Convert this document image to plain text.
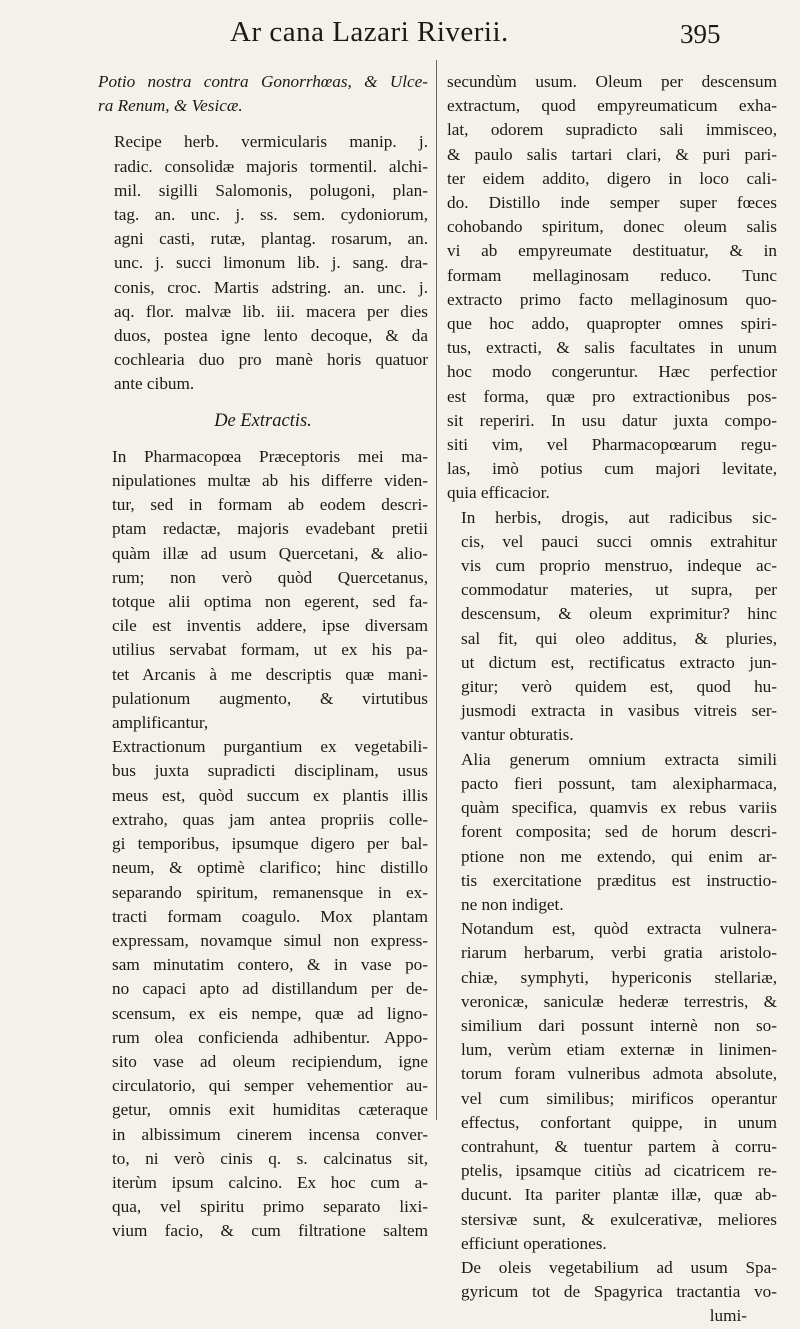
Ar cana Lazari Riverii.	395
Potio nostra contra Gonorrhœas, & Ulce-
ra Renum, & Vesicæ.
Recipe herb. vermicularis manip. j.
radic. consolidæ majoris tormentil. alchi-
mil. sigilli Salomonis, polugoni, plan-
tag. an. unc. j. ss. sem. cydoniorum,
agni casti, rutæ, plantag. rosarum, an.
unc. j. succi limonum lib. j. sang. dra-
conis, croc. Martis adstring. an. unc. j.
aq. flor. malvæ lib. iii. macera per dies
duos, postea igne lento decoque, & da
cochlearia duo pro manè horis quatuor
ante cibum.
De Extractis.
In Pharmacopœa Præceptoris mei ma-
nipulationes multæ ab his differre viden-
tur, sed in formam ab eodem descri-
ptam redactæ, majoris evadebant pretii
quàm illæ ad usum Quercetani, & alio-
rum; non verò quòd Quercetanus,
totque alii optima non egerent, sed fa-
cile est inventis addere, ipse diversam
utilius servabat formam, ut ex his pa-
tet Arcanis à me descriptis quæ mani-
pulationum augmento, & virtutibus
amplificantur,
Extractionum purgantium ex vegetabili-
bus juxta supradicti disciplinam, usus
meus est, quòd succum ex plantis illis
extraho, quas jam antea propriis colle-
gi temporibus, ipsumque digero per bal-
neum, & optimè clarifico; hinc distillo
separando spiritum, remanensque in ex-
tracti formam coagulo. Mox plantam
expressam, novamque simul non express-
sam minutatim contero, & in vase po-
no capaci apto ad distillandum per de-
scensum, ex eis nempe, quæ ad ligno-
rum olea conficienda adhibentur. Appo-
sito vase ad oleum recipiendum, igne
circulatorio, qui semper vehementior au-
getur, omnis exit humiditas cæteraque
in albissimum cinerem incensa conver-
to, ni verò cinis q. s. calcinatus sit,
iterùm ipsum calcino. Ex hoc cum a-
qua, vel spiritu primo separato lixi-
vium facio, & cum filtratione saltem
secundùm usum. Oleum per descensum
extractum, quod empyreumaticum exha-
lat, odorem supradicto sali immisceo,
& paulo salis tartari clari, & puri pari-
ter eidem addito, digero in loco cali-
do. Distillo inde semper super fœces
cohobando spiritum, donec oleum salis
vi ab empyreumate destituatur, & in
formam mellaginosam reduco. Tunc
extracto primo facto mellaginosum quo-
que hoc addo, quapropter omnes spiri-
tus, extracti, & salis facultates in unum
hoc modo congeruntur. Hæc perfectior
est forma, quæ pro extractionibus pos-
sit reperiri. In usu datur juxta compo-
siti vim, vel Pharmacopœarum regu-
las, imò potius cum majori levitate,
quia efficacior.
In herbis, drogis, aut radicibus sic-
cis, vel pauci succi omnis extrahitur
vis cum proprio menstruo, indeque ac-
commodatur materies, ut supra, per
descensum, & oleum exprimitur? hinc
sal fit, qui oleo additus, & pluries,
ut dictum est, rectificatus extracto jun-
gitur; verò quidem est, quod hu-
jusmodi extracta in vasibus vitreis ser-
vantur obturatis.
Alia generum omnium extracta simili
pacto fieri possunt, tam alexipharmaca,
quàm specifica, quamvis ex rebus variis
forent composita; sed de horum descri-
ptione non me extendo, qui enim ar-
tis exercitatione præditus est instructio-
ne non indiget.
Notandum est, quòd extracta vulnera-
riarum herbarum, verbi gratia aristolo-
chiæ, symphyti, hypericonis stellariæ,
veronicæ, saniculæ hederæ terrestris, &
similium dari possunt internè non so-
lum, verùm etiam externæ in linimen-
torum foram vulneribus admota absolute,
vel cum similibus; mirificos operantur
effectus, confortant quippe, in unum
contrahunt, & tuentur partem à corru-
ptelis, ipsamque citiùs ad cicatricem re-
ducunt. Ita pariter plantæ illæ, quæ ab-
stersivæ sunt, & exulcerativæ, meliores
efficiunt operationes.
De oleis vegetabilium ad usum Spa-
gyricum tot de Spagyrica tractantia vo-
lumi-
